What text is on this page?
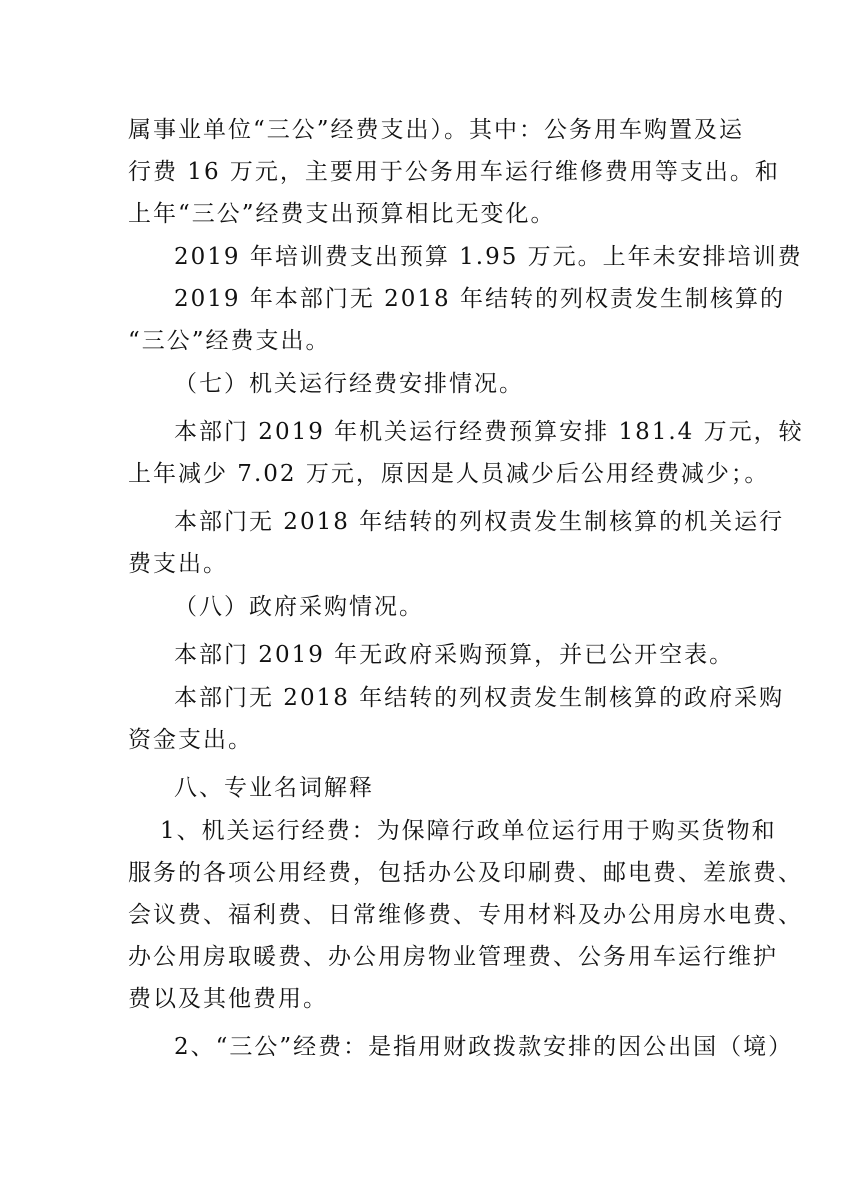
属事业单位“三公”经费支出）。其中：公务用车购置及运
行费 16 万元，主要用于公务用车运行维修费用等支出。和
上年“三公”经费支出预算相比无变化。
2019 年培训费支出预算 1.95 万元。上年未安排培训费
2019 年本部门无 2018 年结转的列权责发生制核算的
“三公”经费支出。
（七）机关运行经费安排情况。
本部门 2019 年机关运行经费预算安排 181.4 万元，较
上年减少 7.02 万元，原因是人员减少后公用经费减少；。
本部门无 2018 年结转的列权责发生制核算的机关运行
费支出。
（八）政府采购情况。
本部门 2019 年无政府采购预算，并已公开空表。
本部门无 2018 年结转的列权责发生制核算的政府采购
资金支出。
八、专业名词解释
1、机关运行经费：为保障行政单位运行用于购买货物和
服务的各项公用经费，包括办公及印刷费、邮电费、差旅费、
会议费、福利费、日常维修费、专用材料及办公用房水电费、
办公用房取暖费、办公用房物业管理费、公务用车运行维护
费以及其他费用。
2、“三公”经费：是指用财政拨款安排的因公出国（境）
